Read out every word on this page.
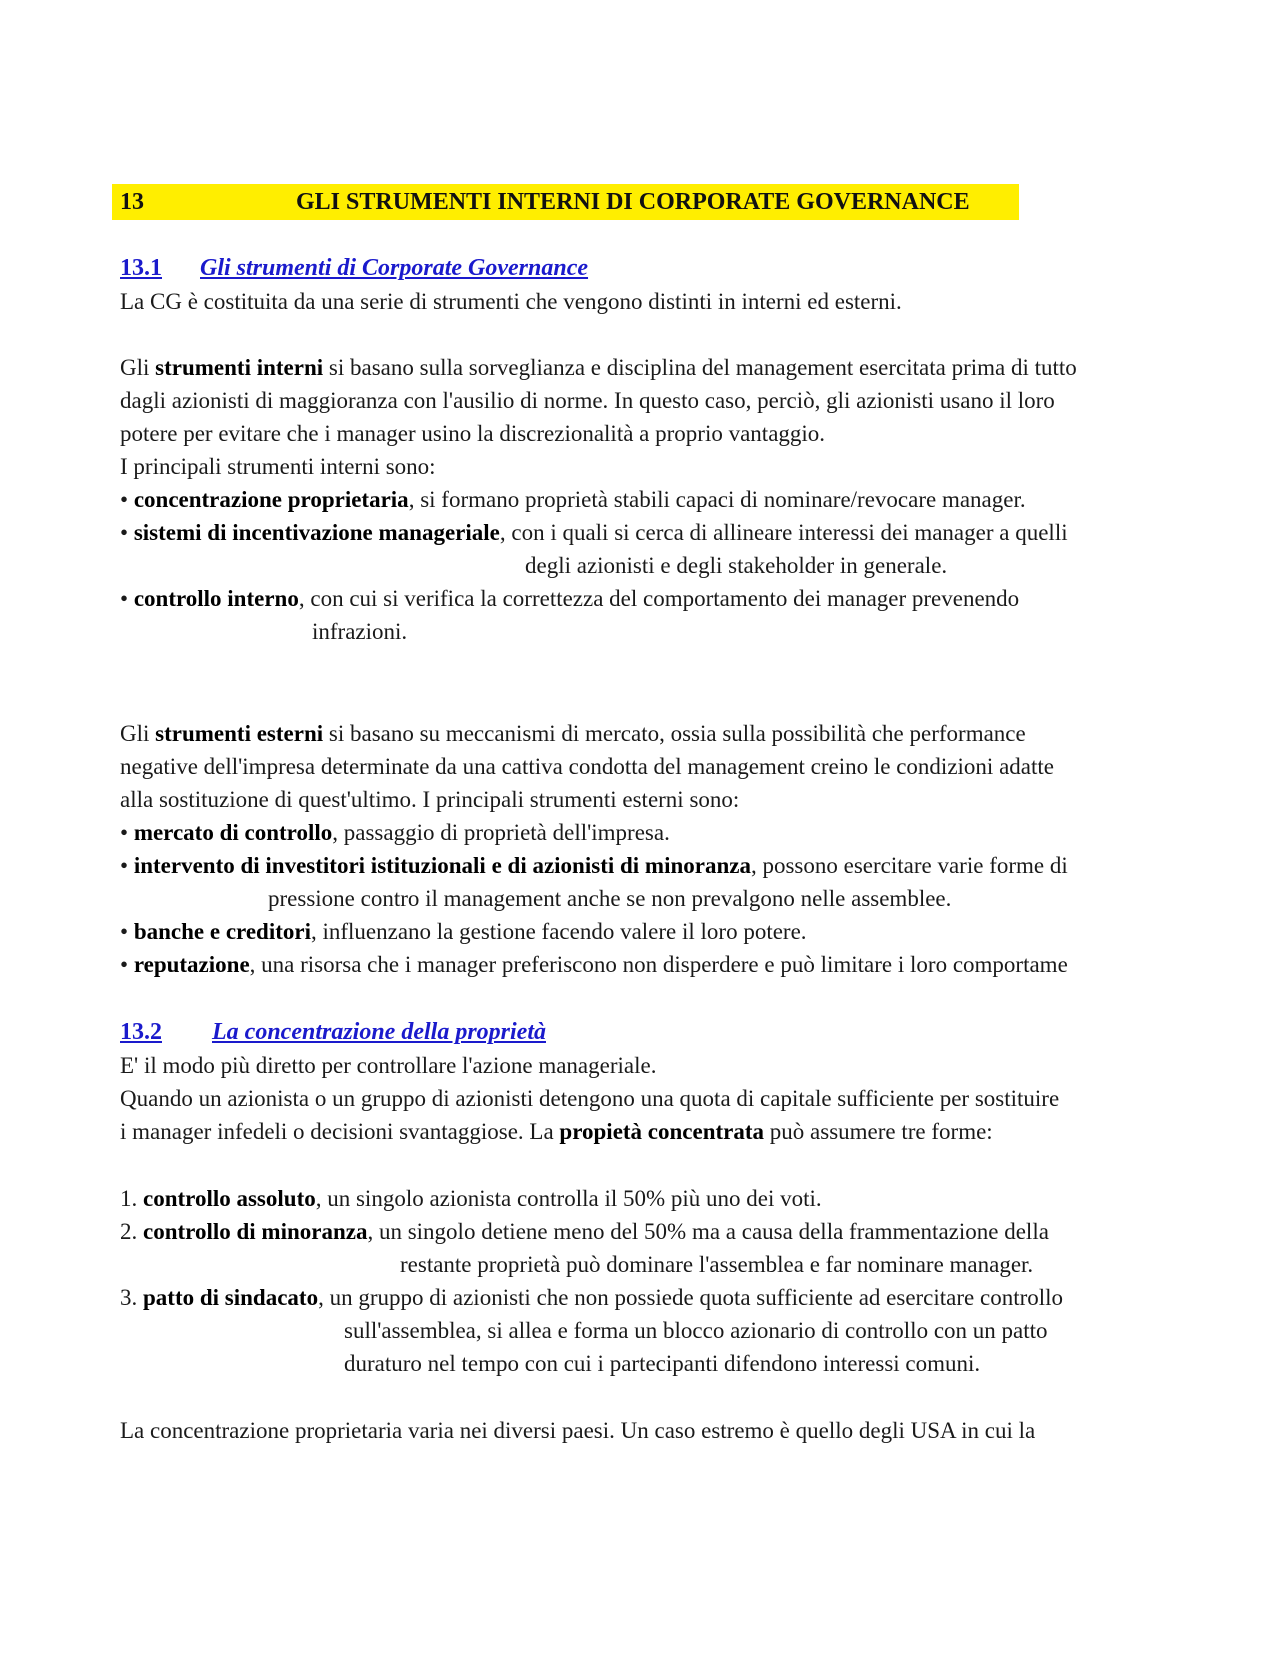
13	GLI STRUMENTI INTERNI DI CORPORATE GOVERNANCE
13.1 Gli strumenti di Corporate Governance
La CG è costituita da una serie di strumenti che vengono distinti in interni ed esterni.
Gli strumenti interni si basano sulla sorveglianza e disciplina del management esercitata prima di tutto
dagli azionisti di maggioranza con l'ausilio di norme. In questo caso, perciò, gli azionisti usano il loro
potere per evitare che i manager usino la discrezionalità a proprio vantaggio.
I principali strumenti interni sono:
• concentrazione proprietaria, si formano proprietà stabili capaci di nominare/revocare manager.
• sistemi di incentivazione manageriale, con i quali si cerca di allineare interessi dei manager a quelli
degli azionisti e degli stakeholder in generale.
• controllo interno, con cui si verifica la correttezza del comportamento dei manager prevenendo
infrazioni.
Gli strumenti esterni si basano su meccanismi di mercato, ossia sulla possibilità che performance
negative dell'impresa determinate da una cattiva condotta del management creino le condizioni adatte
alla sostituzione di quest'ultimo. I principali strumenti esterni sono:
• mercato di controllo, passaggio di proprietà dell'impresa.
• intervento di investitori istituzionali e di azionisti di minoranza, possono esercitare varie forme di
pressione contro il management anche se non prevalgono nelle assemblee.
• banche e creditori, influenzano la gestione facendo valere il loro potere.
• reputazione, una risorsa che i manager preferiscono non disperdere e può limitare i loro comportame
13.2 La concentrazione della proprietà
E' il modo più diretto per controllare l'azione manageriale.
Quando un azionista o un gruppo di azionisti detengono una quota di capitale sufficiente per sostituire
i manager infedeli o decisioni svantaggiose. La propietà concentrata può assumere tre forme:
1. controllo assoluto, un singolo azionista controlla il 50% più uno dei voti.
2. controllo di minoranza, un singolo detiene meno del 50% ma a causa della frammentazione della
restante proprietà può dominare l'assemblea e far nominare manager.
3. patto di sindacato, un gruppo di azionisti che non possiede quota sufficiente ad esercitare controllo
sull'assemblea, si allea e forma un blocco azionario di controllo con un patto
duraturo nel tempo con cui i partecipanti difendono interessi comuni.
La concentrazione proprietaria varia nei diversi paesi. Un caso estremo è quello degli USA in cui la
